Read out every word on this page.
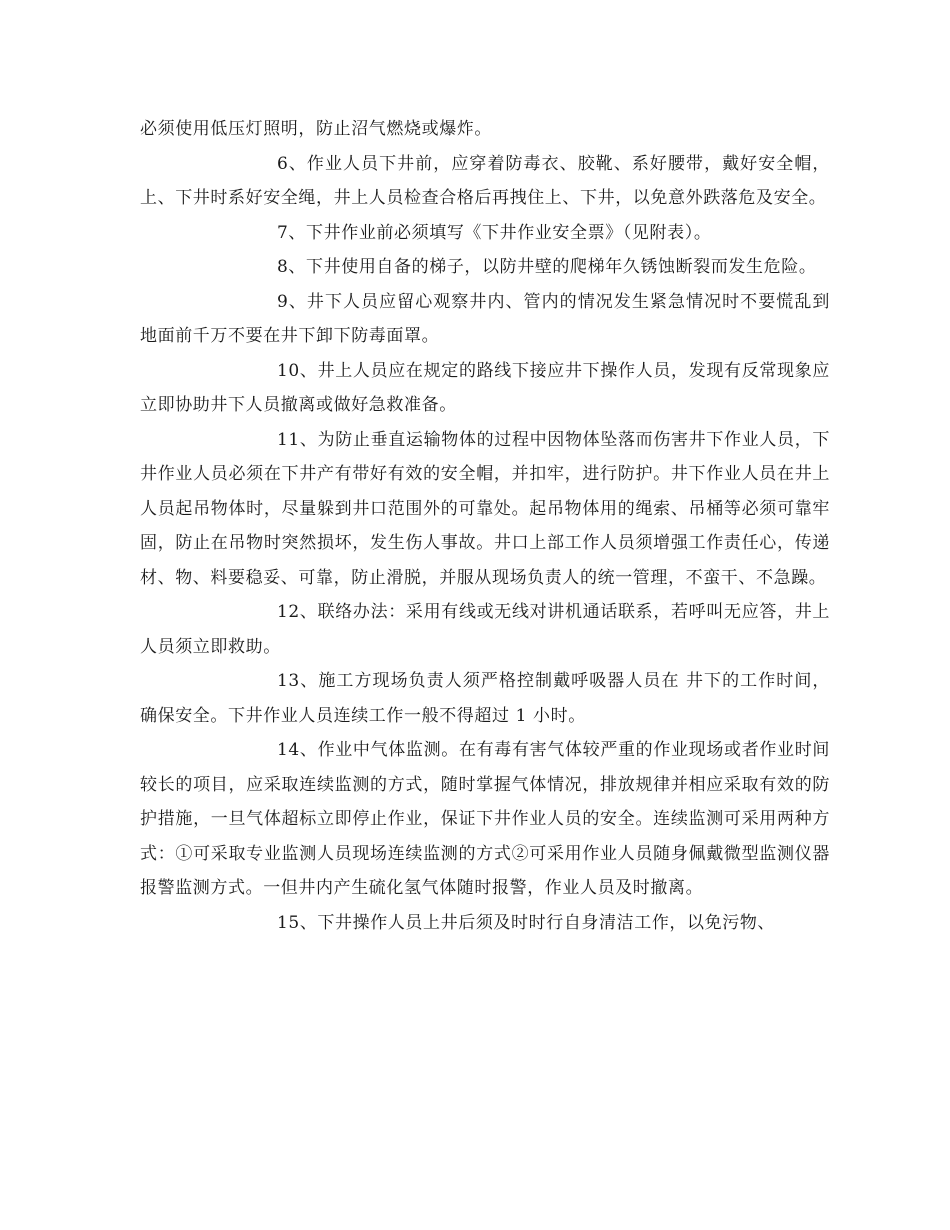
必须使用低压灯照明，防止沼气燃烧或爆炸。

6、作业人员下井前，应穿着防毒衣、胶靴、系好腰带，戴好安全帽，上、下井时系好安全绳，井上人员检查合格后再拽住上、下井，以免意外跌落危及安全。

7、下井作业前必须填写《下井作业安全票》（见附表）。

8、下井使用自备的梯子，以防井壁的爬梯年久锈蚀断裂而发生危险。

9、井下人员应留心观察井内、管内的情况发生紧急情况时不要慌乱到地面前千万不要在井下卸下防毒面罩。

10、井上人员应在规定的路线下接应井下操作人员，发现有反常现象应立即协助井下人员撤离或做好急救准备。

11、为防止垂直运输物体的过程中因物体坠落而伤害井下作业人员，下井作业人员必须在下井产有带好有效的安全帽，并扣牢，进行防护。井下作业人员在井上人员起吊物体时，尽量躲到井口范围外的可靠处。起吊物体用的绳索、吊桶等必须可靠牢固，防止在吊物时突然损坏，发生伤人事故。井口上部工作人员须增强工作责任心，传递材、物、料要稳妥、可靠，防止滑脱，并服从现场负责人的统一管理，不蛮干、不急躁。

12、联络办法：采用有线或无线对讲机通话联系，若呼叫无应答，井上人员须立即救助。

13、施工方现场负责人须严格控制戴呼吸器人员在 井下的工作时间，确保安全。下井作业人员连续工作一般不得超过 1 小时。

14、作业中气体监测。在有毒有害气体较严重的作业现场或者作业时间较长的项目，应采取连续监测的方式，随时掌握气体情况，排放规律并相应采取有效的防护措施，一旦气体超标立即停止作业，保证下井作业人员的安全。连续监测可采用两种方式：①可采取专业监测人员现场连续监测的方式②可采用作业人员随身佩戴微型监测仪器报警监测方式。一但井内产生硫化氢气体随时报警，作业人员及时撤离。

15、下井操作人员上井后须及时时行自身清洁工作，以免污物、
